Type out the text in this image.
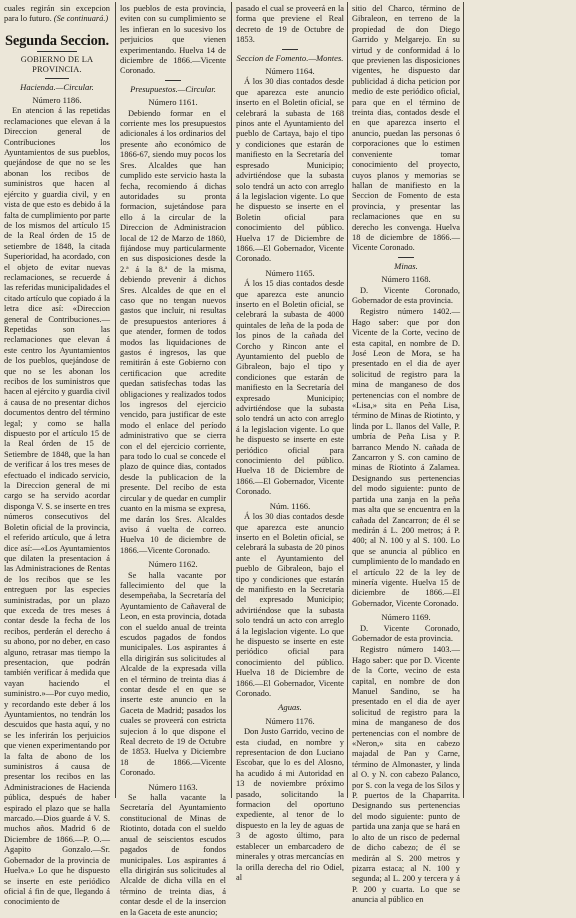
cuales regirán sin excepcion para lo futuro. (Se continuará.)

Segunda Seccion.
GOBIERNO DE LA PROVINCIA.
Hacienda.—Circular.
Número 1186.

En atencion á las repetidas reclamaciones que elevan á la Direccion general de Contribuciones los Ayuntamientos de sus pueblos, quejándose de que no se les abonan los recibos de suministros que hacen al ejército y guardia civil, y en vista de que esto es debido á la falta de cumplimiento por parte de los mismos del artículo 15 de la Real órden de 15 de setiembre de 1848, la citada Superioridad, ha acordado, con el objeto de evitar nuevas reclamaciones, se recuerde á las referidas municipalidades el citado artículo que copiado á la letra dice así: «Direccion general de Contribuciones.—Repetidas son las reclamaciones que elevan á este centro los Ayuntamientos de los pueblos, quejándose de que no se les abonan los recibos de los suministros que hacen al ejército y guardia civil á causa de no presentar dichos documentos dentro del término legal; y como se halla dispuesto por el artículo 15 de la Real órden de 15 de Setiembre de 1848, que la han de verificar á los tres meses de efectuado el indicado servicio, la Direccion general de mi cargo se ha servido acordar disponga V. S. se inserte en tres números consecutivos del Boletin oficial de la provincia, el referido artículo, que á letra dice así:—«Los Ayuntamientos que dilaten la presentacion á las Administraciones de Rentas de los recibos que se les entreguen por las especies suministradas, por un plazo que exceda de tres meses á contar desde la fecha de los recibos, perderán el derecho á su abono, por no deber, en caso alguno, retrasar mas tiempo la presentacion, que podrán también verificar á medida que vayan haciendo el suministro.»—Por cuyo medio, y recordando este deber á los Ayuntamientos, no tendrán los descuidos que hasta aquí, y no se les inferirán los perjuicios que vienen experimentando por la falta de abono de los suministros á causa de presentar los recibos en las Administraciones de Hacienda pública, después de haber espirado el plazo que se halla marcado.—Dios guarde á V. S. muchos años. Madrid 6 de Diciembre de 1866.—P. O.—Agapito Gonzalo.—Sr. Gobernador de la provincia de Huelva.» Lo que he dispuesto se inserte en este periódico oficial á fin de que, llegando á conocimiento de

los pueblos de esta provincia, eviten con su cumplimiento se les infieran en lo sucesivo los perjuicios que vienen experimentando. Huelva 14 de diciembre de 1866.—Vicente Coronado.

Presupuestos.—Circular.
Número 1161.

Debiendo formar en el corriente mes los presupuestos adicionales á los ordinarios del presente año económico de 1866-67, siendo muy pocos los Sres. Alcaldes que han cumplido este servicio hasta la fecha, recomiendo á dichas autoridades su pronta formacion, sujetándose para ello á la circular de la Direccion de Administracion local de 12 de Marzo de 1860, fijándose muy particularmente en sus disposiciones desde la 2.ª á la 8.ª de la misma, debiendo prevenir á dichos Sres. Alcaldes de que en el caso que no tengan nuevos gastos que incluir, ni resultas de presupuestos anteriores á que atender, formen de todos modos las liquidaciones de gastos é ingresos, las que remitirán á este Gobierno con certificacion que acredite quedan satisfechas todas las obligaciones y realizados todos los ingresos del ejercicio vencido, para justificar de este modo el enlace del período administrativo que se cierra con el del ejercicio corriente, para todo lo cual se concede el plazo de quince dias, contados desde la publicacion de la presente. Del recibo de esta circular y de quedar en cumplir cuanto en la misma se expresa, me darán los Sres. Alcaldes aviso á vuelta de correo. Huelva 10 de diciembre de 1866.—Vicente Coronado.

Número 1162.

Se halla vacante por fallecimiento del que la desempeñaba, la Secretaría del Ayuntamiento de Cañaveral de Leon, en esta provincia, dotada con el sueldo anual de treinta escudos pagados de fondos municipales. Los aspirantes á ella dirigirán sus solicitudes al Alcalde de la expresada villa en el término de treinta dias á contar desde el en que se inserte este anuncio en la Gaceta de Madrid; pasados los cuales se proveerá con estricta sujecion á lo que dispone el Real decreto de 19 de Octubre de 1853. Huelva y Diciembre 18 de 1866.—Vicente Coronado.

Número 1163.

Se halla vacante la Secretaría del Ayuntamiento constitucional de Minas de Riotinto, dotada con el sueldo anual de seiscientos escudos pagados de fondos municipales. Los aspirantes á ella dirigirán sus solicitudes al Alcalde de dicha villa en el término de treinta dias, á contar desde el de la insercion en la Gaceta de este anuncio;

pasado el cual se proveerá en la forma que previene el Real decreto de 19 de Octubre de 1853.

Seccion de Fomento.—Montes.
Número 1164.

Á los 30 dias contados desde que aparezca este anuncio inserto en el Boletin oficial, se celebrará la subasta de 168 pinos ante el Ayuntamiento del pueblo de Cartaya, bajo el tipo y condiciones que estarán de manifiesto en la Secretaría del espresado Municipio; advirtiéndose que la subasta solo tendrá un acto con arreglo á la legislacion vigente. Lo que he dispuesto se inserte en el Boletin oficial para conocimiento del público. Huelva 17 de Diciembre de 1866.—El Gobernador, Vicente Coronado.

Número 1165.

Á los 15 dias contados desde que aparezca este anuncio inserto en el Boletin oficial, se celebrará la subasta de 4000 quintales de leña de la poda de los pinos de la cañada del Corcho y Rincon ante el Ayuntamiento del pueblo de Gibraleon, bajo el tipo y condiciones que estarán de manifiesto en la Secretaría del expresado Municipio; advirtiéndose que la subasta solo tendrá un acto con arreglo á la legislacion vigente. Lo que he dispuesto se inserte en este periódico oficial para conocimiento del público. Huelva 18 de Diciembre de 1866.—El Gobernador, Vicente Coronado.

Núm. 1166.

Á los 30 dias contados desde que aparezca este anuncio inserto en el Boletin oficial, se celebrará la subasta de 20 pinos ante el Ayuntamiento del pueblo de Gibraleon, bajo el tipo y condiciones que estarán de manifiesto en la Secretaría del expresado Municipio; advirtiéndose que la subasta solo tendrá un acto con arreglo á la legislacion vigente. Lo que he dispuesto se inserte en este periódico oficial para conocimiento del público. Huelva 18 de Diciembre de 1866.—El Gobernador, Vicente Coronado.

Aguas.
Número 1176.

Don Justo Garrido, vecino de esta ciudad, en nombre y representacion de don Luciano Escobar, que lo es del Alosno, ha acudido á mi Autoridad en 13 de noviembre próximo pasado, solicitando la formacion del oportuno expediente, al tenor de lo dispuesto en la ley de aguas de 3 de agosto último, para establecer un embarcadero de minerales y otras mercancías en la orilla derecha del rio Odiel, al

sitio del Charco, término de Gibraleon, en terreno de la propiedad de don Diego Garrido y Melgarejo. En su virtud y de conformidad á lo que previenen las disposiciones vigentes, he dispuesto dar publicidad á dicha peticion por medio de este periódico oficial, para que en el término de treinta dias, contados desde el en que aparezca inserto el anuncio, puedan las personas ó corporaciones que lo estimen conveniente tomar conocimiento del proyecto, cuyos planos y memorias se hallan de manifiesto en la Seccion de Fomento de esta provincia, y presentar las reclamaciones que en su derecho les convenga. Huelva 18 de diciembre de 1866.—Vicente Coronado.

Minas.
Número 1168.

D. Vicente Coronado, Gobernador de esta provincia.

Registro número 1402.—Hago saber: que por don Vicente de la Corte, vecino de esta capital, en nombre de D. José Leon de Mora, se ha presentado en el dia de ayer solicitud de registro para la mina de manganeso de dos pertenencias con el nombre de «Lisa,» sita en Peña Lisa, término de Minas de Riotinto, y linda por L. llanos del Valle, P. umbría de Peña Lisa y P. barranco Mendo N. cañada de Zancarron y S. con camino de minas de Riotinto á Zalamea. Designando sus pertenencias del modo siguiente: punto de partida una zanja en la peña mas alta que se encuentra en la cañada del Zancarron; de él se medirán á L. 200 metros; á P. 400; al N. 100 y al S. 100. Lo que se anuncia al público en cumplimiento de lo mandado en el artículo 22 de la ley de minería vigente. Huelva 15 de diciembre de 1866.—El Gobernador, Vicente Coronado.

Número 1169.

D. Vicente Coronado, Gobernador de esta provincia.

Registro número 1403.—Hago saber: que por D. Vicente de la Corte, vecino de esta capital, en nombre de don Manuel Sandino, se ha presentado en el dia de ayer solicitud de registro para la mina de manganeso de dos pertenencias con el nombre de «Neron,» sita en cabezo majadal de Pan y Carne, término de Almonaster, y linda al O. y N. con cabezo Palanco, por S. con la vega de los Silos y P. puertos de la Chaparrita. Designando sus pertenencias del modo siguiente: punto de partida una zanja que se hará en lo alto de un risco de pedernal de dicho cabezo; de él se medirán al S. 200 metros y pizarra estaca; al N. 100 y segunda; al L. 200 y tercera y á P. 200 y cuarta. Lo que se anuncia al público en
